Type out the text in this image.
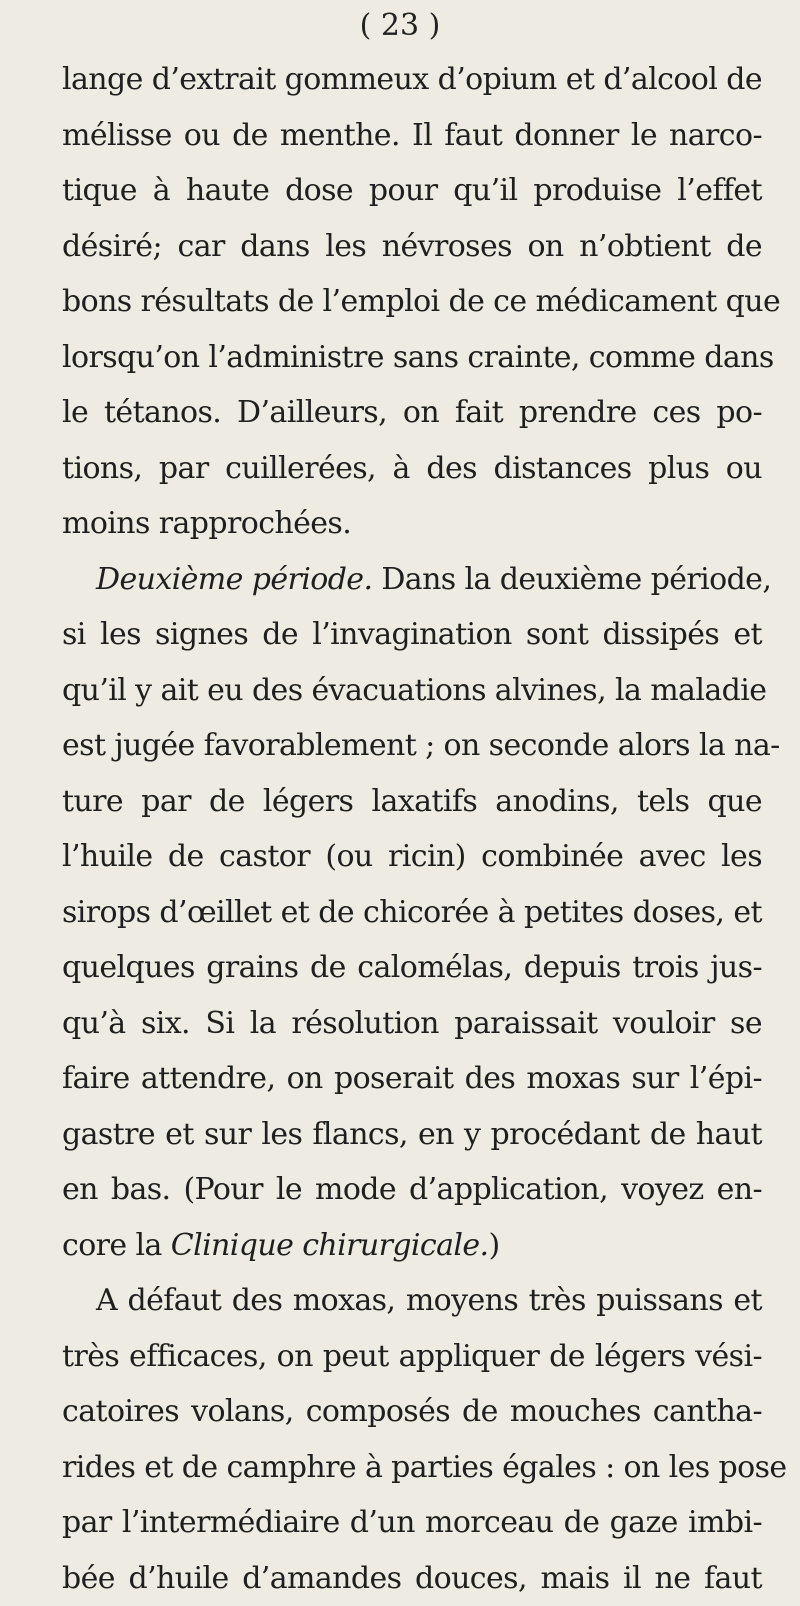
( 23 )
lange d’extrait gommeux d’opium et d’alcool de
mélisse ou de menthe. Il faut donner le narco-
tique à haute dose pour qu’il produise l’effet
désiré; car dans les névroses on n’obtient de
bons résultats de l’emploi de ce médicament que
lorsqu’on l’administre sans crainte, comme dans
le tétanos. D’ailleurs, on fait prendre ces po-
tions, par cuillerées, à des distances plus ou
moins rapprochées.
Deuxième période. Dans la deuxième période,
si les signes de l’invagination sont dissipés et
qu’il y ait eu des évacuations alvines, la maladie
est jugée favorablement ; on seconde alors la na-
ture par de légers laxatifs anodins, tels que
l’huile de castor (ou ricin) combinée avec les
sirops d’œillet et de chicorée à petites doses, et
quelques grains de calomélas, depuis trois jus-
qu’à six. Si la résolution paraissait vouloir se
faire attendre, on poserait des moxas sur l’épi-
gastre et sur les flancs, en y procédant de haut
en bas. (Pour le mode d’application, voyez en-
core la Clinique chirurgicale.)
A défaut des moxas, moyens très puissans et
très efficaces, on peut appliquer de légers vési-
catoires volans, composés de mouches cantha-
rides et de camphre à parties égales : on les pose
par l’intermédiaire d’un morceau de gaze imbi-
bée d’huile d’amandes douces, mais il ne faut
